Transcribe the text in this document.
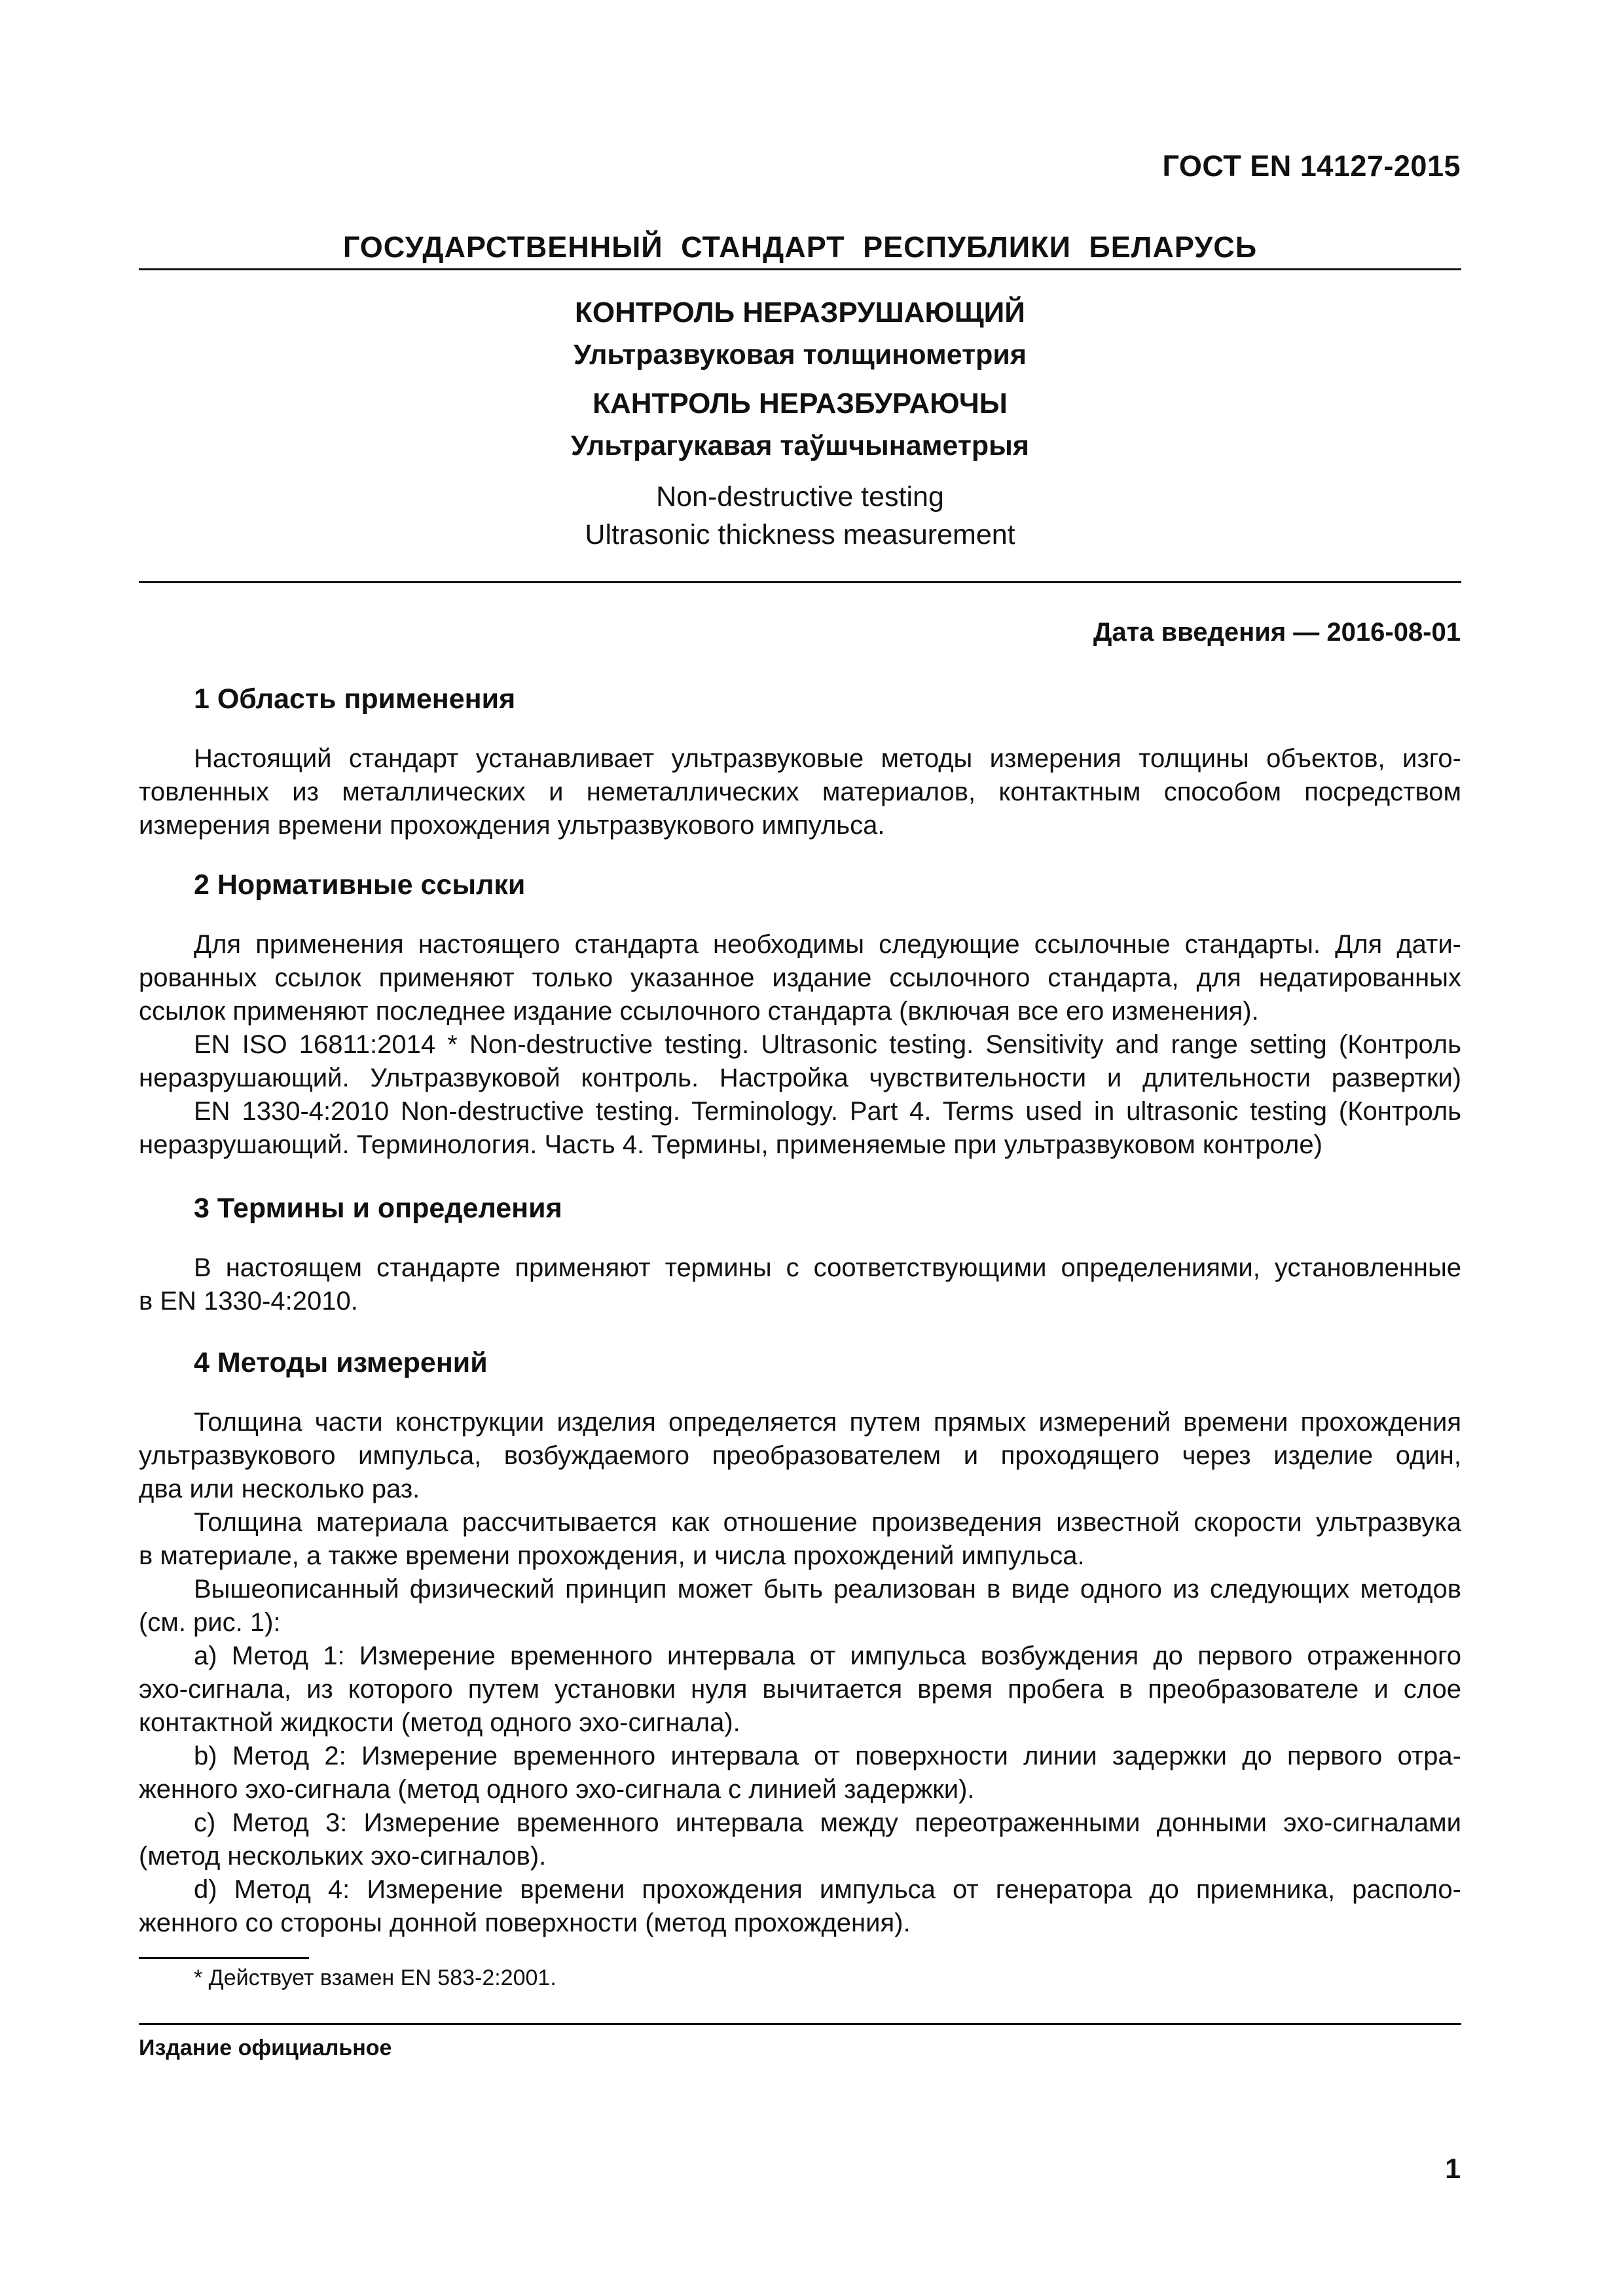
ГОСТ EN 14127-2015
ГОСУДАРСТВЕННЫЙ СТАНДАРТ РЕСПУБЛИКИ БЕЛАРУСЬ
КОНТРОЛЬ НЕРАЗРУШАЮЩИЙ
Ультразвуковая толщинометрия
КАНТРОЛЬ НЕРАЗБУРАЮЧЫ
Ультрагукавая таўшчынаметрыя
Non-destructive testing
Ultrasonic thickness measurement
Дата введения — 2016-08-01
1 Область применения
Настоящий стандарт устанавливает ультразвуковые методы измерения толщины объектов, изго-
товленных из металлических и неметаллических материалов, контактным способом посредством
измерения времени прохождения ультразвукового импульса.
2 Нормативные ссылки
Для применения настоящего стандарта необходимы следующие ссылочные стандарты. Для дати-
рованных ссылок применяют только указанное издание ссылочного стандарта, для недатированных
ссылок применяют последнее издание ссылочного стандарта (включая все его изменения).
EN ISO 16811:2014 * Non-destructive testing. Ultrasonic testing. Sensitivity and range setting (Контроль
неразрушающий. Ультразвуковой контроль. Настройка чувствительности и длительности развертки)
EN 1330-4:2010 Non-destructive testing. Terminology. Part 4. Terms used in ultrasonic testing (Контроль
неразрушающий. Терминология. Часть 4. Термины, применяемые при ультразвуковом контроле)
3 Термины и определения
В настоящем стандарте применяют термины с соответствующими определениями, установленные
в EN 1330-4:2010.
4 Методы измерений
Толщина части конструкции изделия определяется путем прямых измерений времени прохождения
ультразвукового импульса, возбуждаемого преобразователем и проходящего через изделие один,
два или несколько раз.
Толщина материала рассчитывается как отношение произведения известной скорости ультразвука
в материале, а также времени прохождения, и числа прохождений импульса.
Вышеописанный физический принцип может быть реализован в виде одного из следующих методов
(см. рис. 1):
а) Метод 1: Измерение временного интервала от импульса возбуждения до первого отраженного
эхо-сигнала, из которого путем установки нуля вычитается время пробега в преобразователе и слое
контактной жидкости (метод одного эхо-сигнала).
b) Метод 2: Измерение временного интервала от поверхности линии задержки до первого отра-
женного эхо-сигнала (метод одного эхо-сигнала с линией задержки).
c) Метод 3: Измерение временного интервала между переотраженными донными эхо-сигналами
(метод нескольких эхо-сигналов).
d) Метод 4: Измерение времени прохождения импульса от генератора до приемника, располо-
женного со стороны донной поверхности (метод прохождения).
* Действует взамен EN 583-2:2001.
Издание официальное
1
